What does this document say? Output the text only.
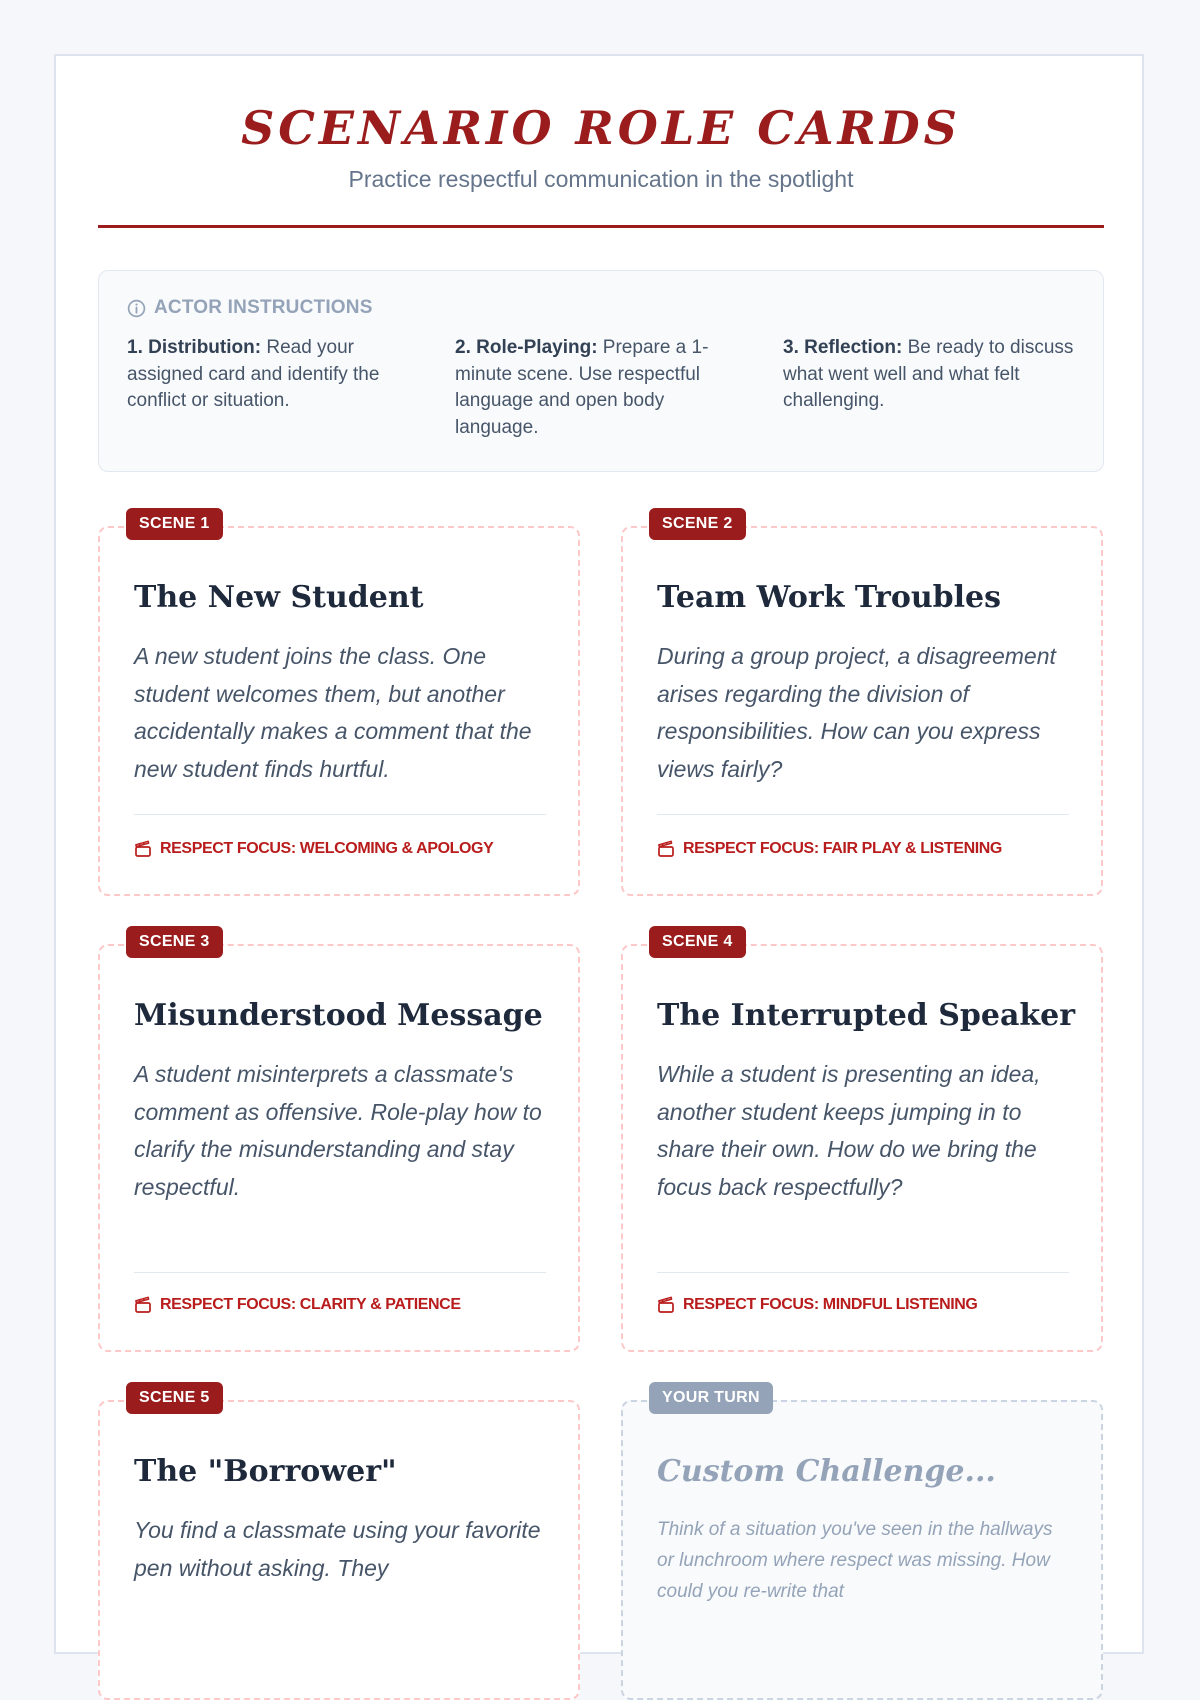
SCENARIO ROLE CARDS
Practice respectful communication in the spotlight
ACTOR INSTRUCTIONS
1. Distribution: Read your assigned card and identify the conflict or situation.
2. Role-Playing: Prepare a 1-minute scene. Use respectful language and open body language.
3. Reflection: Be ready to discuss what went well and what felt challenging.
SCENE 1
The New Student
A new student joins the class. One student welcomes them, but another accidentally makes a comment that the new student finds hurtful.
RESPECT FOCUS: WELCOMING & APOLOGY
SCENE 2
Team Work Troubles
During a group project, a disagreement arises regarding the division of responsibilities. How can you express views fairly?
RESPECT FOCUS: FAIR PLAY & LISTENING
SCENE 3
Misunderstood Message
A student misinterprets a classmate's comment as offensive. Role-play how to clarify the misunderstanding and stay respectful.
RESPECT FOCUS: CLARITY & PATIENCE
SCENE 4
The Interrupted Speaker
While a student is presenting an idea, another student keeps jumping in to share their own. How do we bring the focus back respectfully?
RESPECT FOCUS: MINDFUL LISTENING
SCENE 5
The "Borrower"
You find a classmate using your favorite pen without asking. They
YOUR TURN
Custom Challenge...
Think of a situation you've seen in the hallways or lunchroom where respect was missing. How could you re-write that
